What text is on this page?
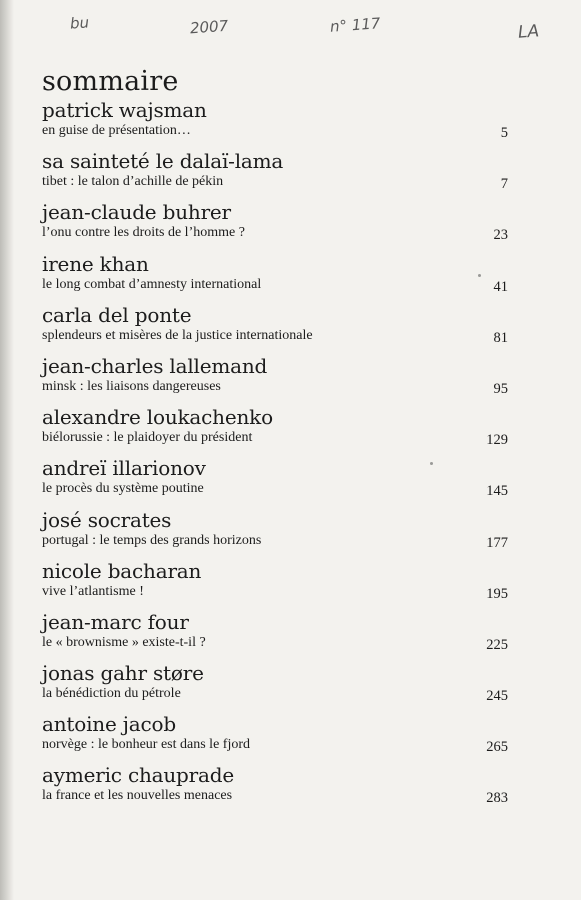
bu	2007	n° 117	LA
sommaire
patrick wajsman
en guise de présentation…	5
sa sainteté le dalaï-lama
tibet : le talon d’achille de pékin	7
jean-claude buhrer
l’onu contre les droits de l’homme ?	23
irene khan
le long combat d’amnesty international	41
carla del ponte
splendeurs et misères de la justice internationale	81
jean-charles lallemand
minsk : les liaisons dangereuses	95
alexandre loukachenko
biélorussie : le plaidoyer du président	129
andreï illarionov
le procès du système poutine	145
josé socrates
portugal : le temps des grands horizons	177
nicole bacharan
vive l’atlantisme !	195
jean-marc four
le « brownisme » existe-t-il ?	225
jonas gahr støre
la bénédiction du pétrole	245
antoine jacob
norvège : le bonheur est dans le fjord	265
aymeric chauprade
la france et les nouvelles menaces	283
